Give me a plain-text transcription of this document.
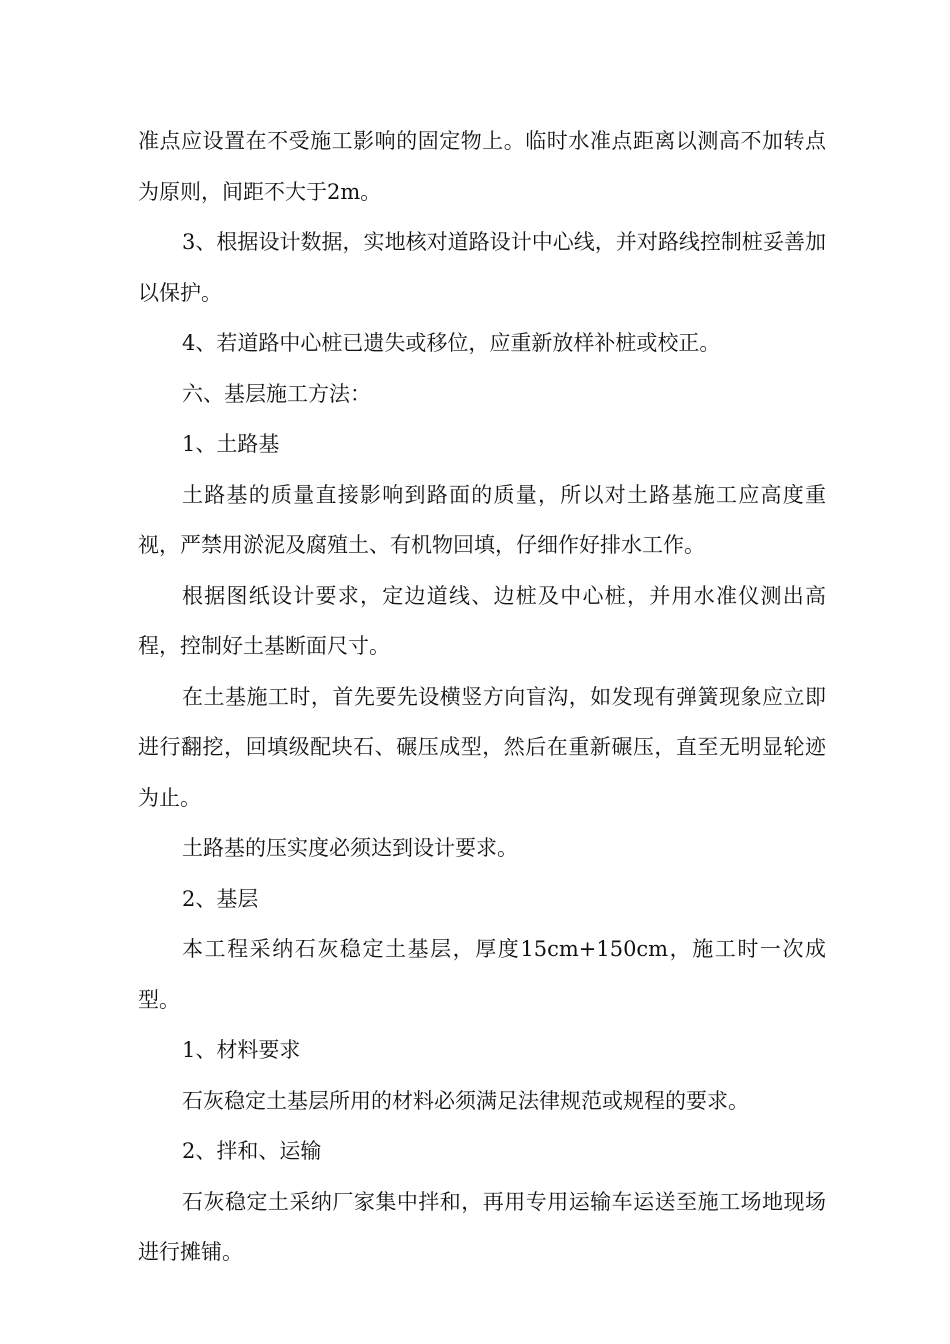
准点应设置在不受施工影响的固定物上。临时水准点距离以测高不加转点为原则，间距不大于2m。

3、根据设计数据，实地核对道路设计中心线，并对路线控制桩妥善加以保护。

4、若道路中心桩已遗失或移位，应重新放样补桩或校正。

六、基层施工方法：

1、土路基

土路基的质量直接影响到路面的质量，所以对土路基施工应高度重视，严禁用淤泥及腐殖土、有机物回填，仔细作好排水工作。

根据图纸设计要求，定边道线、边桩及中心桩，并用水准仪测出高程，控制好土基断面尺寸。

在土基施工时，首先要先设横竖方向盲沟，如发现有弹簧现象应立即进行翻挖，回填级配块石、碾压成型，然后在重新碾压，直至无明显轮迹为止。

土路基的压实度必须达到设计要求。

2、基层

本工程采纳石灰稳定土基层，厚度15cm+150cm，施工时一次成型。

1、材料要求

石灰稳定土基层所用的材料必须满足法律规范或规程的要求。

2、拌和、运输

石灰稳定土采纳厂家集中拌和，再用专用运输车运送至施工场地现场进行摊铺。
